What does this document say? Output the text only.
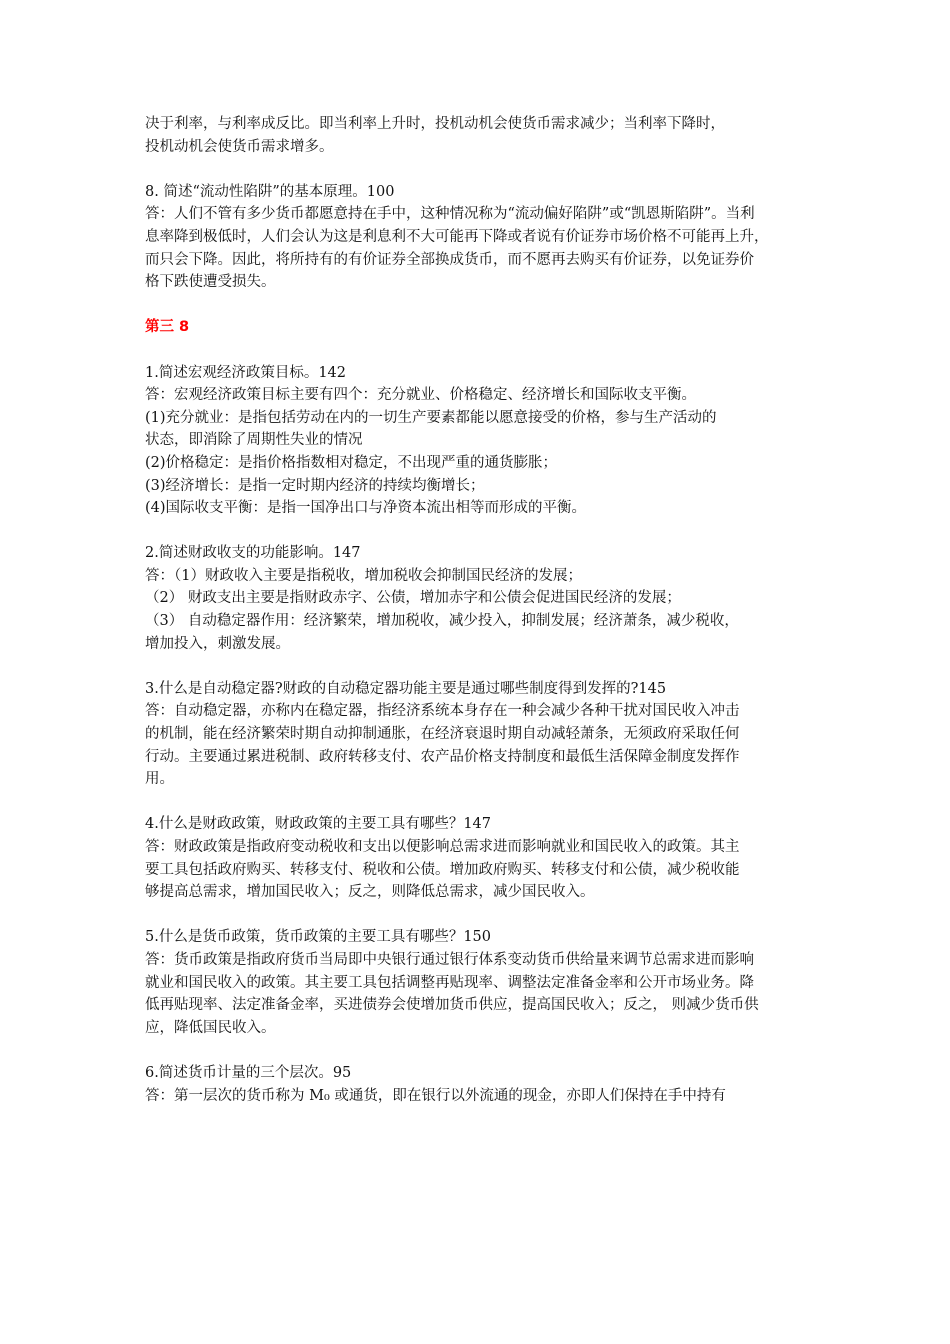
决于利率，与利率成反比。即当利率上升时，投机动机会使货币需求减少；当利率下降时，

投机动机会使货币需求增多。

8. 简述“流动性陷阱”的基本原理。100

答：人们不管有多少货币都愿意持在手中，这种情况称为“流动偏好陷阱”或“凯恩斯陷阱”。当利

息率降到极低时，人们会认为这是利息利不大可能再下降或者说有价证券市场价格不可能再上升，

而只会下降。因此，将所持有的有价证券全部换成货币，而不愿再去购买有价证券，以免证券价

格下跌使遭受损失。

第三 8

1.简述宏观经济政策目标。142

答：宏观经济政策目标主要有四个：充分就业、价格稳定、经济增长和国际收支平衡。

(1)充分就业：是指包括劳动在内的一切生产要素都能以愿意接受的价格，参与生产活动的

状态，即消除了周期性失业的情况

(2)价格稳定：是指价格指数相对稳定，不出现严重的通货膨胀；

(3)经济增长：是指一定时期内经济的持续均衡增长；

(4)国际收支平衡：是指一国净出口与净资本流出相等而形成的平衡。

2.简述财政收支的功能影响。147

答：（1）财政收入主要是指税收，增加税收会抑制国民经济的发展；

（2） 财政支出主要是指财政赤字、公债，增加赤字和公债会促进国民经济的发展；

（3） 自动稳定器作用：经济繁荣，增加税收，减少投入，抑制发展；经济萧条，减少税收，

增加投入，刺激发展。

3.什么是自动稳定器?财政的自动稳定器功能主要是通过哪些制度得到发挥的?145

答：自动稳定器，亦称内在稳定器，指经济系统本身存在一种会减少各种干扰对国民收入冲击

的机制，能在经济繁荣时期自动抑制通胀，在经济衰退时期自动减轻萧条，无须政府采取任何

行动。主要通过累进税制、政府转移支付、农产品价格支持制度和最低生活保障金制度发挥作

用。

4.什么是财政政策，财政政策的主要工具有哪些？147

答：财政政策是指政府变动税收和支出以便影响总需求进而影响就业和国民收入的政策。其主

要工具包括政府购买、转移支付、税收和公债。增加政府购买、转移支付和公债，减少税收能

够提高总需求，增加国民收入；反之，则降低总需求，减少国民收入。

5.什么是货币政策，货币政策的主要工具有哪些？150

答：货币政策是指政府货币当局即中央银行通过银行体系变动货币供给量来调节总需求进而影响

就业和国民收入的政策。其主要工具包括调整再贴现率、调整法定准备金率和公开市场业务。降

低再贴现率、法定准备金率，买进债券会使增加货币供应，提高国民收入；反之， 则减少货币供

应，降低国民收入。

6.简述货币计量的三个层次。95

答：第一层次的货币称为 M₀ 或通货，即在银行以外流通的现金，亦即人们保持在手中持有
